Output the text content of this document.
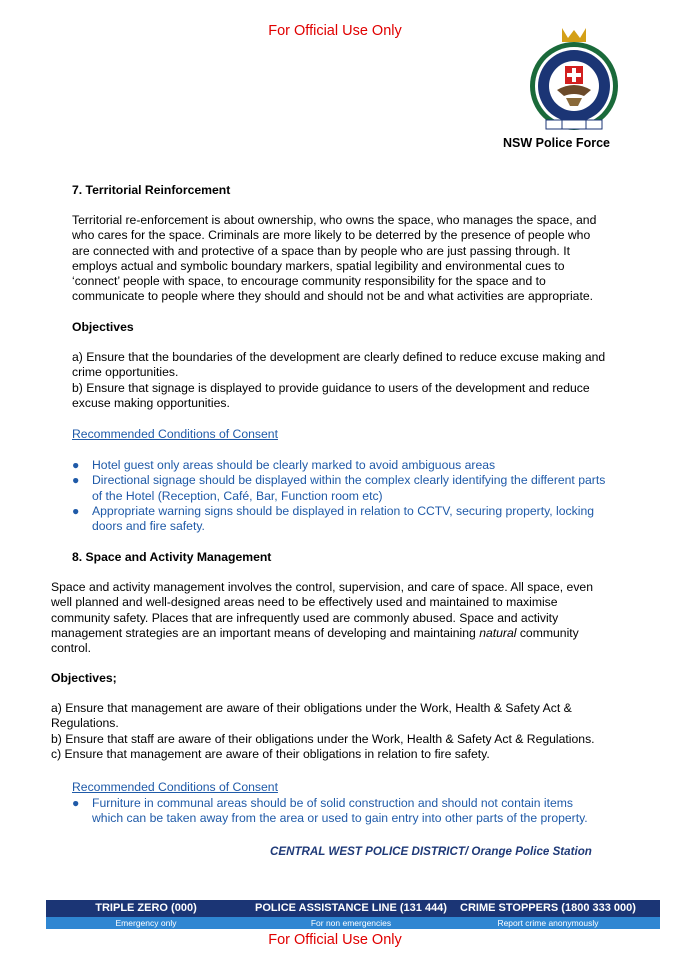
For Official Use Only
NSW Police Force
7. Territorial Reinforcement

Territorial re-enforcement is about ownership, who owns the space, who manages the space, and

who cares for the space. Criminals are more likely to be deterred by the presence of people who

are connected with and protective of a space than by people who are just passing through. It

employs actual and symbolic boundary markers, spatial legibility and environmental cues to

‘connect’ people with space, to encourage community responsibility for the space and to

communicate to people where they should and should not be and what activities are appropriate.

Objectives

a) Ensure that the boundaries of the development are clearly defined to reduce excuse making and

crime opportunities.

b) Ensure that signage is displayed to provide guidance to users of the development and reduce

excuse making opportunities.

Recommended Conditions of Consent
● Hotel guest only areas should be clearly marked to avoid ambiguous areas

● Directional signage should be displayed within the complex clearly identifying the different parts

of the Hotel (Reception, Café, Bar, Function room etc)

● Appropriate warning signs should be displayed in relation to CCTV, securing property, locking

doors and fire safety.

8. Space and Activity Management

Space and activity management involves the control, supervision, and care of space. All space, even

well planned and well-designed areas need to be effectively used and maintained to maximise

community safety. Places that are infrequently used are commonly abused. Space and activity

management strategies are an important means of developing and maintaining natural community

control.

Objectives;

a) Ensure that management are aware of their obligations under the Work, Health & Safety Act &

Regulations.

b) Ensure that staff are aware of their obligations under the Work, Health & Safety Act & Regulations.

c) Ensure that management are aware of their obligations in relation to fire safety.

Recommended Conditions of Consent
● Furniture in communal areas should be of solid construction and should not contain items

which can be taken away from the area or used to gain entry into other parts of the property.

CENTRAL WEST POLICE DISTRICT/ Orange Police Station
TRIPLE ZERO (000)	POLICE ASSISTANCE LINE (131 444)	CRIME STOPPERS (1800 333 000)
Emergency only	For non emergencies	Report crime anonymously
For Official Use Only
